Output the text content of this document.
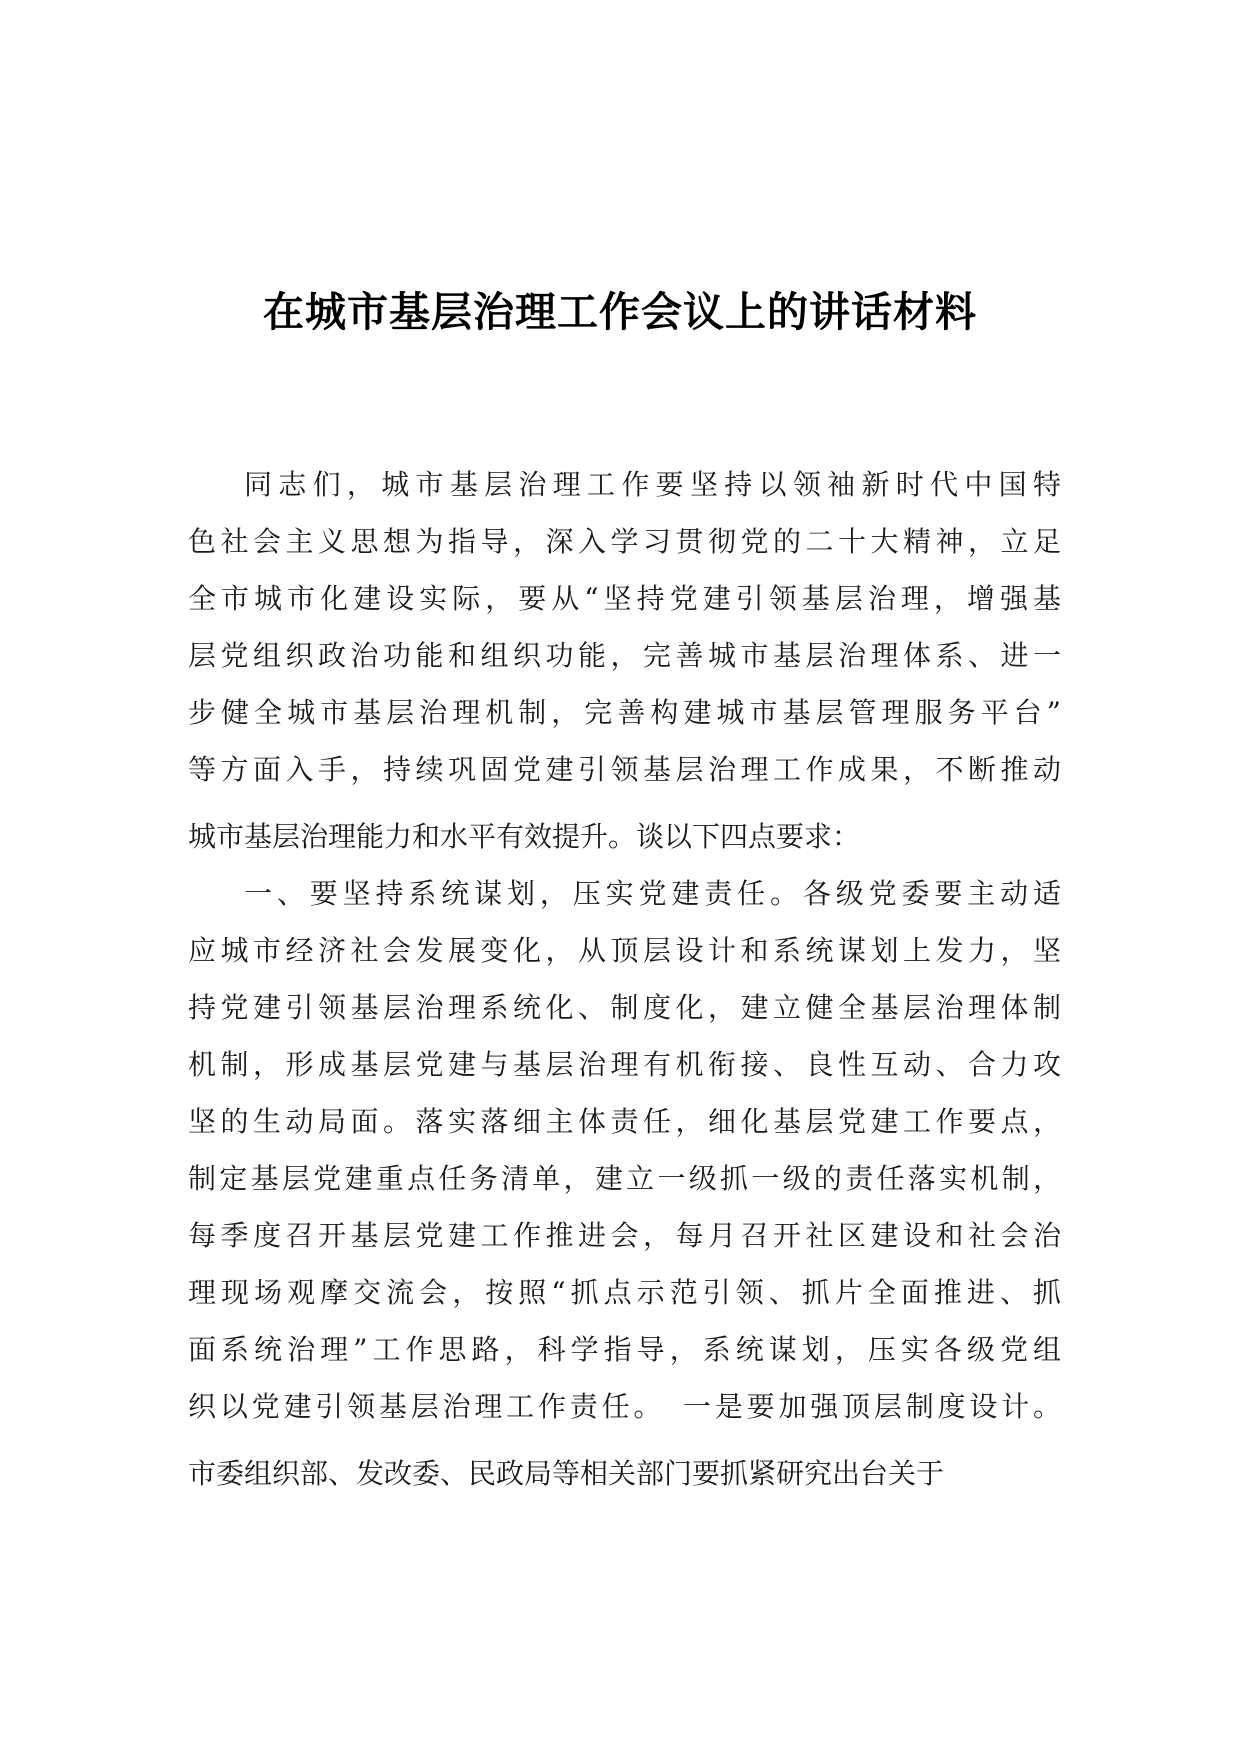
在城市基层治理工作会议上的讲话材料

同志们，城市基层治理工作要坚持以领袖新时代中国特

色社会主义思想为指导，深入学习贯彻党的二十大精神，立足

全市城市化建设实际，要从“坚持党建引领基层治理，增强基

层党组织政治功能和组织功能，完善城市基层治理体系、进一

步健全城市基层治理机制，完善构建城市基层管理服务平台”

等方面入手，持续巩固党建引领基层治理工作成果，不断推动

城市基层治理能力和水平有效提升。谈以下四点要求：

一、要坚持系统谋划，压实党建责任。各级党委要主动适

应城市经济社会发展变化，从顶层设计和系统谋划上发力，坚

持党建引领基层治理系统化、制度化，建立健全基层治理体制

机制，形成基层党建与基层治理有机衔接、良性互动、合力攻

坚的生动局面。落实落细主体责任，细化基层党建工作要点，

制定基层党建重点任务清单，建立一级抓一级的责任落实机制，

每季度召开基层党建工作推进会，每月召开社区建设和社会治

理现场观摩交流会，按照“抓点示范引领、抓片全面推进、抓

面系统治理”工作思路，科学指导，系统谋划，压实各级党组

织以党建引领基层治理工作责任。　一是要加强顶层制度设计。

市委组织部、发改委、民政局等相关部门要抓紧研究出台关于
